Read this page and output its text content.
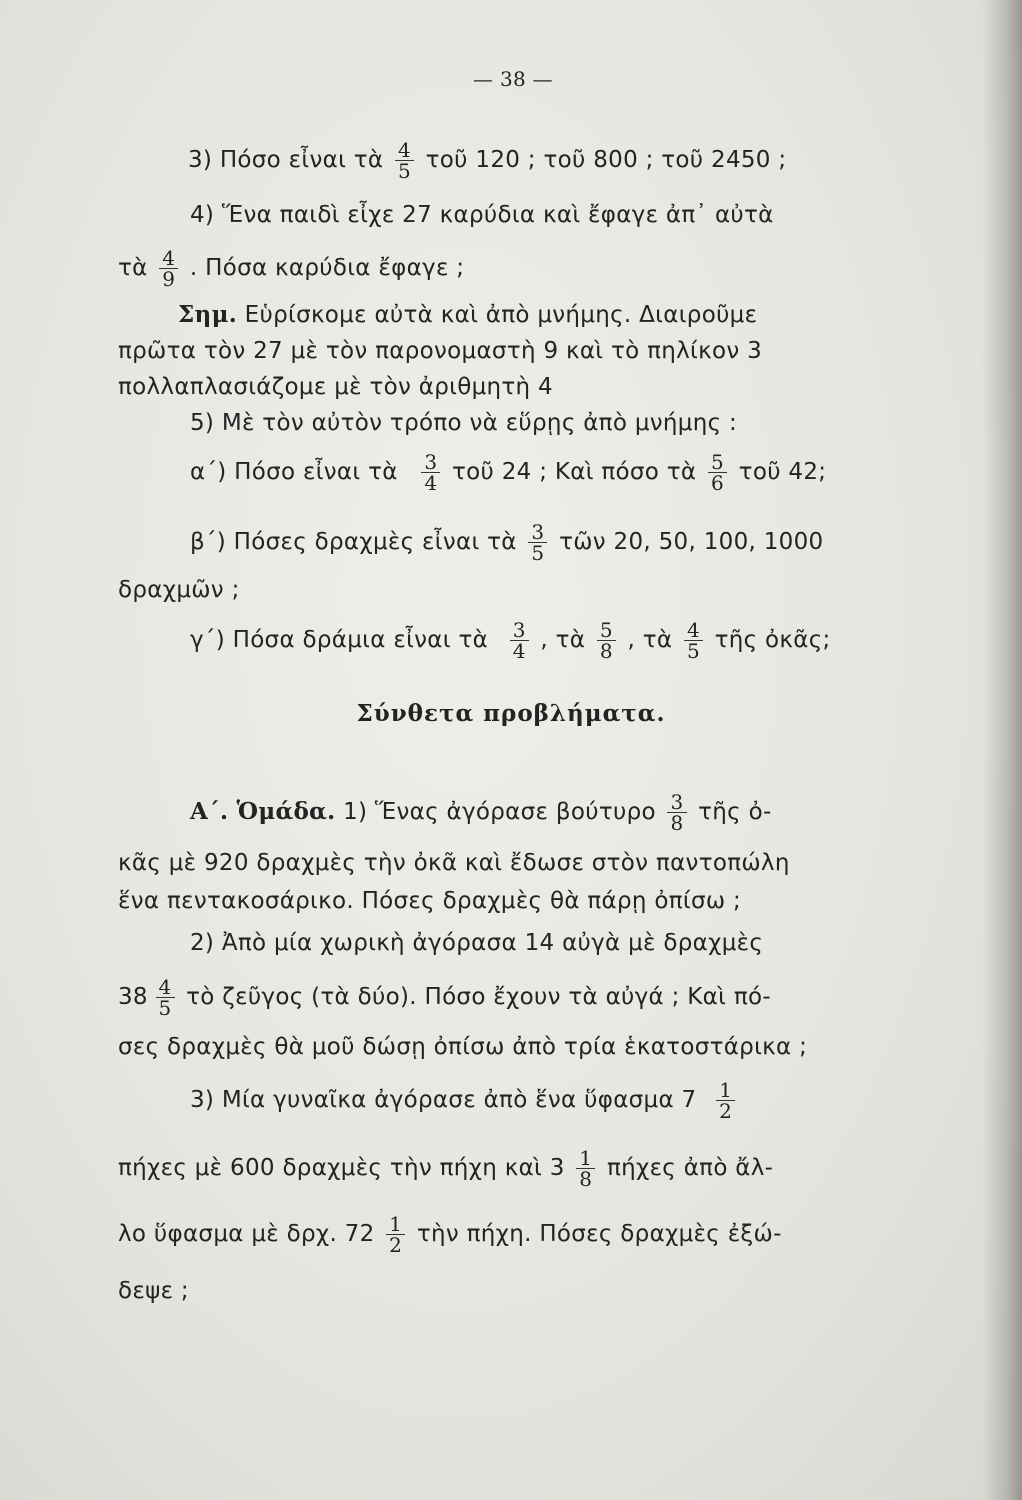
— 38 —
3) Πόσο εἶναι τὰ $\frac{4}{5}$ τοῦ 120 ; τοῦ 800 ; τοῦ 2450 ;
4) Ἕνα παιδὶ εἶχε 27 καρύδια καὶ ἔφαγε ἀπ᾿ αὐτὰ
τὰ $\frac{4}{9}$ . Πόσα καρύδια ἔφαγε ;
Σημ. Εὑρίσκομε αὐτὰ καὶ ἀπὸ μνήμης. Διαιροῦμε
πρῶτα τὸν 27 μὲ τὸν παρονομαστὴ 9 καὶ τὸ πηλίκον 3
πολλαπλασιάζομε μὲ τὸν ἀριθμητὴ 4
5) Μὲ τὸν αὐτὸν τρόπο νὰ εὕρῃς ἀπὸ μνήμης :
α΄) Πόσο εἶναι τὰ $\frac{3}{4}$ τοῦ 24 ; Καὶ πόσο τὰ $\frac{5}{6}$ τοῦ 42;
β΄) Πόσες δραχμὲς εἶναι τὰ $\frac{3}{5}$ τῶν 20, 50, 100, 1000
δραχμῶν ;
γ΄) Πόσα δράμια εἶναι τὰ $\frac{3}{4}$ , τὰ $\frac{5}{8}$ , τὰ $\frac{4}{5}$ τῆς ὀκᾶς;
Σύνθετα προβλήματα.
Α΄. Ὁμάδα. 1) Ἕνας ἀγόρασε βούτυρο $\frac{3}{8}$ τῆς ὀ-
κᾶς μὲ 920 δραχμὲς τὴν ὀκᾶ καὶ ἔδωσε στὸν παντοπώλη
ἕνα πεντακοσάρικο. Πόσες δραχμὲς θὰ πάρῃ ὀπίσω ;
2) Ἀπὸ μία χωρικὴ ἀγόρασα 14 αὐγὰ μὲ δραχμὲς
$38 \frac{4}{5}$ τὸ ζεῦγος (τὰ δύο). Πόσο ἔχουν τὰ αὐγά ; Καὶ πό-
σες δραχμὲς θὰ μοῦ δώσῃ ὀπίσω ἀπὸ τρία ἑκατοστάρικα ;
3) Μία γυναῖκα ἀγόρασε ἀπὸ ἕνα ὕφασμα $7 \frac{1}{2}$
πήχες μὲ 600 δραχμὲς τὴν πήχη καὶ $3 \frac{1}{8}$ πήχες ἀπὸ ἄλ-
λο ὕφασμα μὲ δρχ. $72 \frac{1}{2}$ τὴν πήχη. Πόσες δραχμὲς ἐξώ-
δεψε ;
